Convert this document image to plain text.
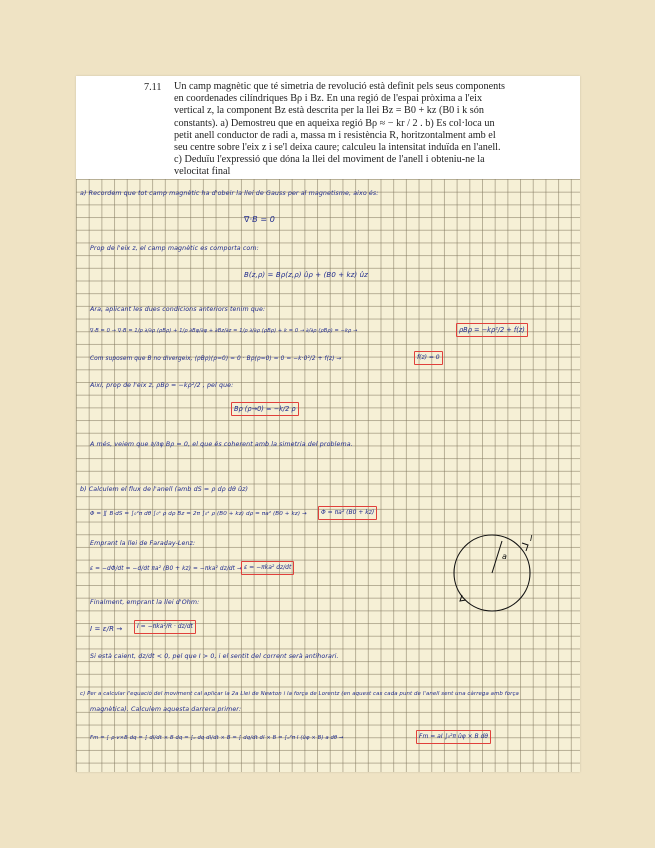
7.11 Un camp magnètic que té simetria de revolució està definit pels seus components

en coordenades cilíndriques Bρ i Bz. En una regió de l'espai pròxima a l'eix

vertical z, la component Bz està descrita per la llei Bz = B0 + kz (B0 i k són

constants). a) Demostreu que en aqueixa regió Bρ ≈ − kr / 2 . b) Es col·loca un

petit anell conductor de radi a, massa m i resistència R, horitzontalment amb el

seu centre sobre l'eix z i se'l deixa caure; calculeu la intensitat induïda en l'anell.

c) Deduïu l'expressió que dóna la llei del moviment de l'anell i obteniu-ne la

velocitat final

a) Recordem que tot camp magnètic ha d'obeir la llei de Gauss per al magnetisme, aixo és:
∇·B = 0
Prop de l'eix z, el camp magnètic es comporta com:
B(z,ρ) = Bρ(z,ρ) ûρ + (B0 + kz) ûz
Ara, aplicant les dues condicions anteriors tenim que:
∇·B = 0 → ∇·B = 1/ρ ∂/∂ρ (ρBρ) + 1/ρ ∂Bφ/∂φ + ∂Bz/∂z = 1/ρ ∂/∂ρ (ρBρ) + k = 0 → ∂/∂ρ (ρBρ) = −kρ →	ρBρ = −kρ²/2 + f(z)
Com suposem que B no divergeix, (ρBρ)(ρ=0) = 0 · Bρ(ρ=0) = 0 = −k·0²/2 + f(z) →	f(z) = 0
Així, prop de l'eix z, ρBρ = −kρ²/2 , pel que:
Bρ (ρ→0) ≈ −k/2 ρ
A més, veiem que ∂/∂φ Bρ = 0, el que és coherent amb la simetria del problema.
b) Calculem el flux de l'anell (amb dS = ρ dρ dθ ûz)
Φ = ∬ B·dS = ∫₀²π dθ ∫₀ᵃ ρ dρ Bz = 2π ∫₀ᵃ ρ (B0 + kz) dρ = πa² (B0 + kz) →	Φ = πa² (B0 + kz)
Emprant la llei de Faraday-Lenz:
ε = −dΦ/dt = −d/dt πa² (B0 + kz) = −πka² dz/dt → ε = −πka² dz/dt
Finalment, emprant la llei d'Ohm:
I = ε/R →	I = −πka²/R · dz/dt
Si està caient, dz/dt < 0, pel que I > 0, i el sentit del corrent serà antihorari.
c) Per a calcular l'equació del moviment cal aplicar la 2a Llei de Newton i la força de Lorentz (en aquest cas cada punt de l'anell sent una càrrega amb força
magnètica). Calculem aquesta darrera primer:
Fm = ∫ ρ·v×B dq = ∫ dl/dt × B dq = ∫₀ dq dl/dt × B = ∫ dq/dt dl × B = ∫₀²π I (ûφ × B) a dθ →	Fm = aI ∫₀²π ûφ × B dθ
a
I
